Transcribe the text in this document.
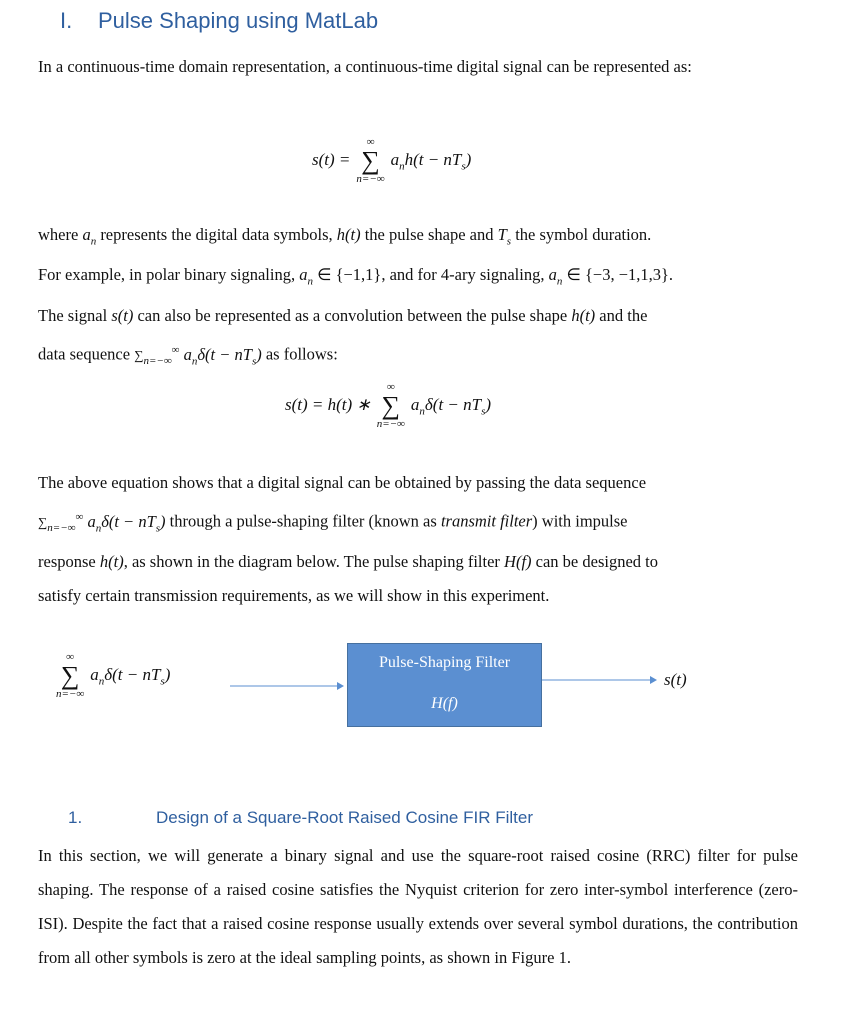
I. Pulse Shaping using MatLab

In a continuous-time domain representation, a continuous-time digital signal can be represented as:

s(t) =
∞
∑
n=−∞
$a_nh(t - nT_s)$
where $a_n$ represents the digital data symbols, h(t) the pulse shape and $T_s$ the symbol duration.
For example, in polar binary signaling, $a_n$ ∈ {−1,1}, and for 4-ary signaling, $a_n$ ∈ {−3, −1,1,3}.
The signal s(t) can also be represented as a convolution between the pulse shape h(t) and the
data sequence $\sum_{n=-\infty}^\infty$ $a_n\delta(t - nT_s)$ as follows:
s(t) = h(t) ∗
∞
∑
n=−∞
$a_n\delta(t - nT_s)$
The above equation shows that a digital signal can be obtained by passing the data sequence
$\sum_{n=-\infty}^\infty$ $a_n\delta(t - nT_s)$ through a pulse-shaping filter (known as transmit filter) with impulse
response h(t), as shown in the diagram below. The pulse shaping filter H(f) can be designed to
satisfy certain transmission requirements, as we will show in this experiment.
∞
∑
n=−∞
$a_n\delta(t - nT_s)$
Pulse-Shaping Filter
H(f)
s(t)
1.	Design of a Square-Root Raised Cosine FIR Filter

In this section, we will generate a binary signal and use the square-root raised cosine (RRC) filter for pulse shaping. The response of a raised cosine satisfies the Nyquist criterion for zero inter-symbol interference (zero-ISI). Despite the fact that a raised cosine response usually extends over several symbol durations, the contribution from all other symbols is zero at the ideal sampling points, as shown in Figure 1.
